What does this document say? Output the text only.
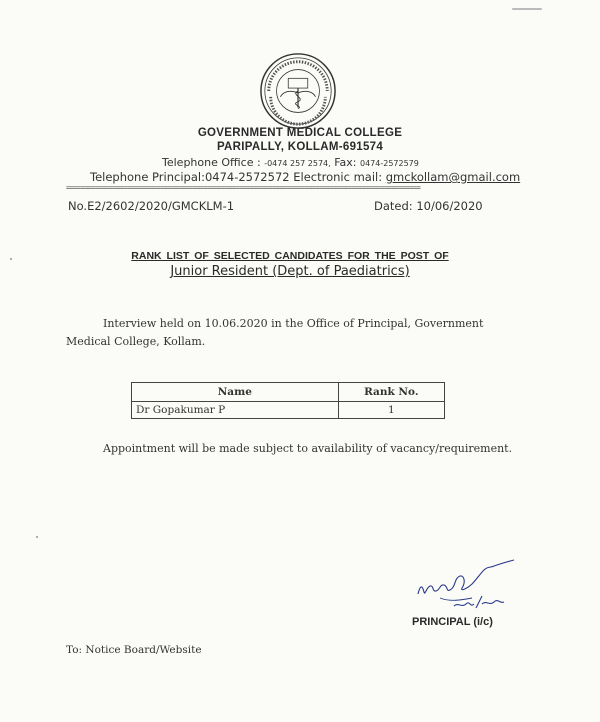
GOVERNMENT MEDICAL COLLEGE
PARIPALLY, KOLLAM-691574
Telephone Office : -0474 257 2574, Fax: 0474-2572579
Telephone Principal:0474-2572572 Electronic mail: gmckollam@gmail.com
==================================================================================================
No.E2/2602/2020/GMCKLM-1	Dated: 10/06/2020
RANK LIST OF SELECTED CANDIDATES FOR THE POST OF
Junior Resident (Dept. of Paediatrics)
Interview held on 10.06.2020 in the Office of Principal, Government Medical College, Kollam.
Name	Rank No.
Dr Gopakumar P	1
Appointment will be made subject to availability of vacancy/requirement.
PRINCIPAL (i/c)
To: Notice Board/Website
